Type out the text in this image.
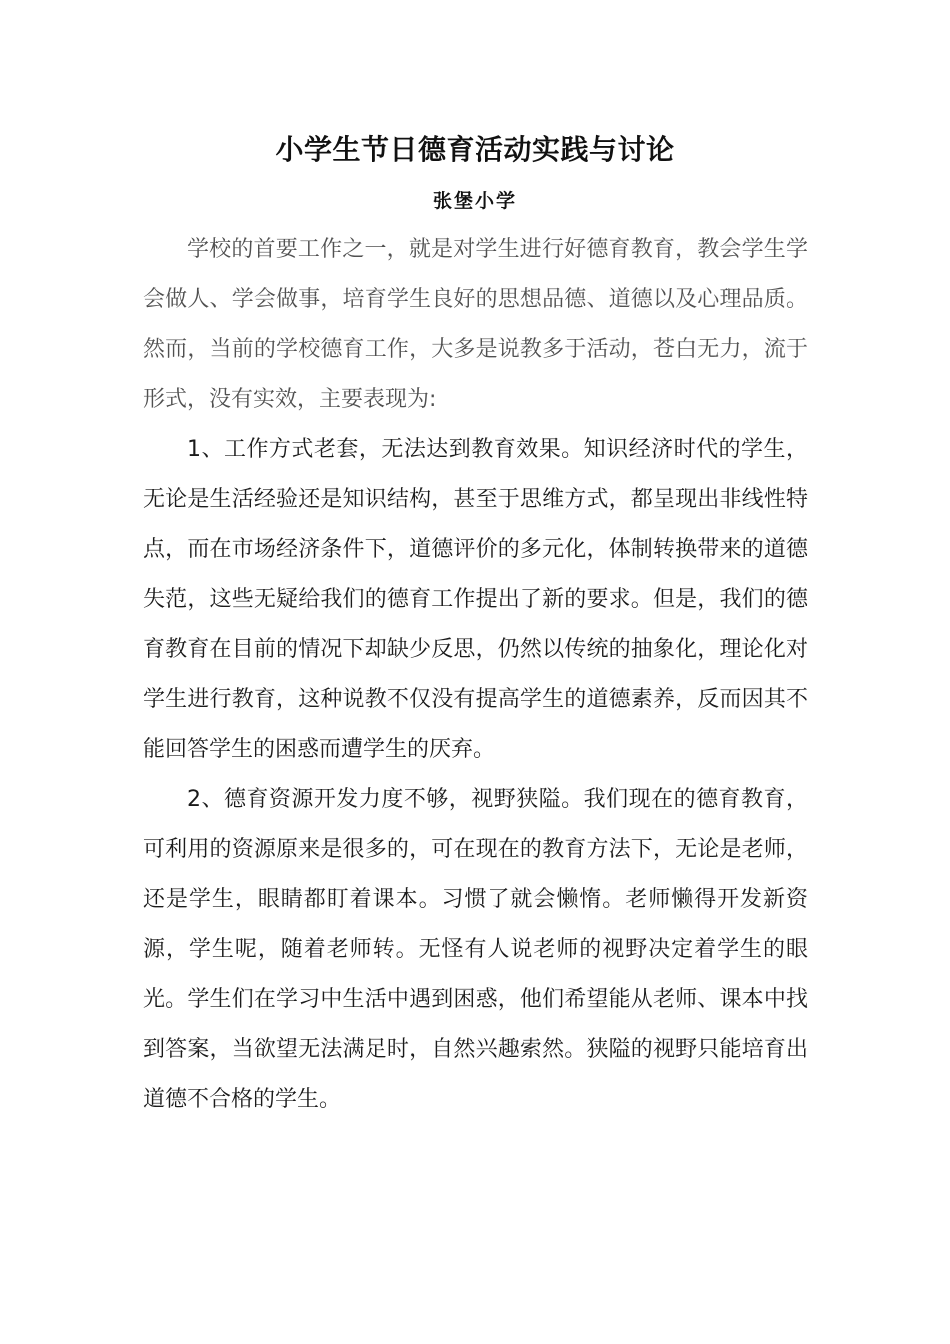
小学生节日德育活动实践与讨论
张堡小学

学校的首要工作之一，就是对学生进行好德育教育，教会学生学会做人、学会做事，培育学生良好的思想品德、道德以及心理品质。然而，当前的学校德育工作，大多是说教多于活动，苍白无力，流于形式，没有实效，主要表现为:

1、工作方式老套，无法达到教育效果。知识经济时代的学生，无论是生活经验还是知识结构，甚至于思维方式，都呈现出非线性特点，而在市场经济条件下，道德评价的多元化，体制转换带来的道德失范，这些无疑给我们的德育工作提出了新的要求。但是，我们的德育教育在目前的情况下却缺少反思，仍然以传统的抽象化，理论化对学生进行教育，这种说教不仅没有提高学生的道德素养，反而因其不能回答学生的困惑而遭学生的厌弃。

2、德育资源开发力度不够，视野狭隘。我们现在的德育教育，可利用的资源原来是很多的，可在现在的教育方法下，无论是老师，还是学生，眼睛都盯着课本。习惯了就会懒惰。老师懒得开发新资源，学生呢，随着老师转。无怪有人说老师的视野决定着学生的眼光。学生们在学习中生活中遇到困惑，他们希望能从老师、课本中找到答案，当欲望无法满足时，自然兴趣索然。狭隘的视野只能培育出道德不合格的学生。
